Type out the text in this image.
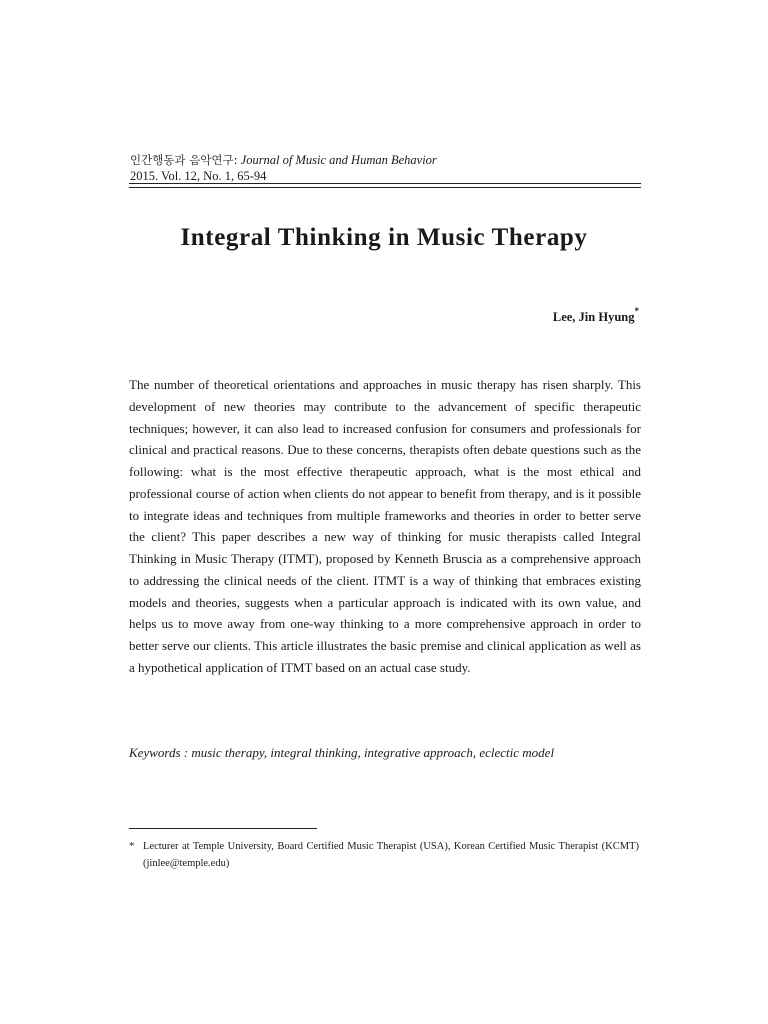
인간행동과 음악연구: Journal of Music and Human Behavior
2015. Vol. 12, No. 1, 65-94
Integral Thinking in Music Therapy
Lee, Jin Hyung*

The number of theoretical orientations and approaches in music therapy has risen sharply. This development of new theories may contribute to the advancement of specific therapeutic techniques; however, it can also lead to increased confusion for consumers and professionals for clinical and practical reasons. Due to these concerns, therapists often debate questions such as the following: what is the most effective therapeutic approach, what is the most ethical and professional course of action when clients do not appear to benefit from therapy, and is it possible to integrate ideas and techniques from multiple frameworks and theories in order to better serve the client? This paper describes a new way of thinking for music therapists called Integral Thinking in Music Therapy (ITMT), proposed by Kenneth Bruscia as a comprehensive approach to addressing the clinical needs of the client. ITMT is a way of thinking that embraces existing models and theories, suggests when a particular approach is indicated with its own value, and helps us to move away from one-way thinking to a more comprehensive approach in order to better serve our clients. This article illustrates the basic premise and clinical application as well as a hypothetical application of ITMT based on an actual case study.

Keywords : music therapy, integral thinking, integrative approach, eclectic model
* Lecturer at Temple University, Board Certified Music Therapist (USA), Korean Certified Music Therapist (KCMT) (jinlee@temple.edu)
